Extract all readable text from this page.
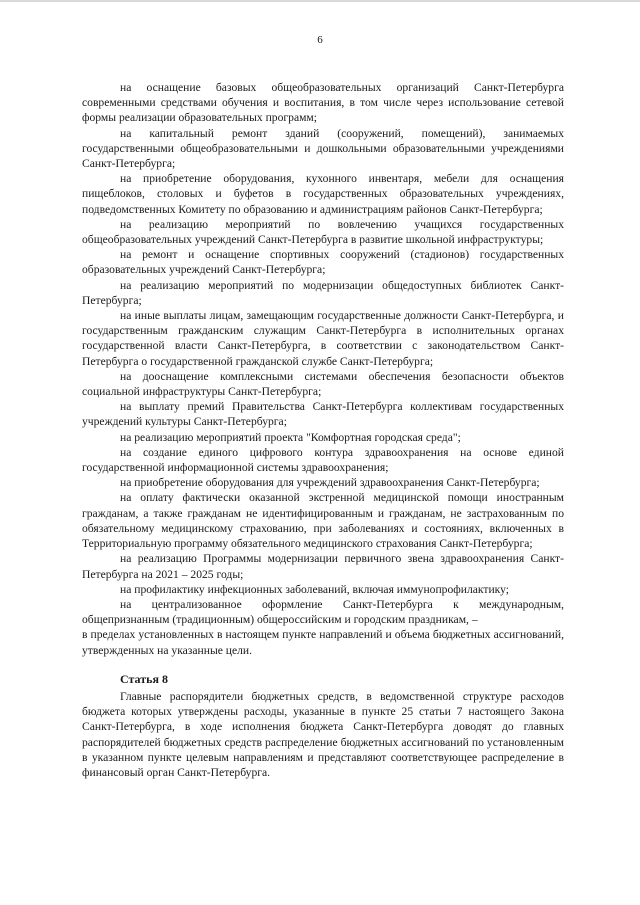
6

на оснащение базовых общеобразовательных организаций Санкт-Петербурга современными средствами обучения и воспитания, в том числе через использование сетевой формы реализации образовательных программ;

на капитальный ремонт зданий (сооружений, помещений), занимаемых государственными общеобразовательными и дошкольными образовательными учреждениями Санкт-Петербурга;

на приобретение оборудования, кухонного инвентаря, мебели для оснащения пищеблоков, столовых и буфетов в государственных образовательных учреждениях, подведомственных Комитету по образованию и администрациям районов Санкт-Петербурга;

на реализацию мероприятий по вовлечению учащихся государственных общеобразовательных учреждений Санкт-Петербурга в развитие школьной инфраструктуры;

на ремонт и оснащение спортивных сооружений (стадионов) государственных образовательных учреждений Санкт-Петербурга;

на реализацию мероприятий по модернизации общедоступных библиотек Санкт-Петербурга;

на иные выплаты лицам, замещающим государственные должности Санкт-Петербурга, и государственным гражданским служащим Санкт-Петербурга в исполнительных органах государственной власти Санкт-Петербурга, в соответствии с законодательством Санкт-Петербурга о государственной гражданской службе Санкт-Петербурга;

на дооснащение комплексными системами обеспечения безопасности объектов социальной инфраструктуры Санкт-Петербурга;

на выплату премий Правительства Санкт-Петербурга коллективам государственных учреждений культуры Санкт-Петербурга;

на реализацию мероприятий проекта "Комфортная городская среда";

на создание единого цифрового контура здравоохранения на основе единой государственной информационной системы здравоохранения;

на приобретение оборудования для учреждений здравоохранения Санкт-Петербурга;

на оплату фактически оказанной экстренной медицинской помощи иностранным гражданам, а также гражданам не идентифицированным и гражданам, не застрахованным по обязательному медицинскому страхованию, при заболеваниях и состояниях, включенных в Территориальную программу обязательного медицинского страхования Санкт-Петербурга;

на реализацию Программы модернизации первичного звена здравоохранения Санкт-Петербурга на 2021 – 2025 годы;

на профилактику инфекционных заболеваний, включая иммунопрофилактику;

на централизованное оформление Санкт-Петербурга к международным, общепризнанным (традиционным) общероссийским и городским праздникам, –

в пределах установленных в настоящем пункте направлений и объема бюджетных ассигнований, утвержденных на указанные цели.

Статья 8

Главные распорядители бюджетных средств, в ведомственной структуре расходов бюджета которых утверждены расходы, указанные в пункте 25 статьи 7 настоящего Закона Санкт-Петербурга, в ходе исполнения бюджета Санкт-Петербурга доводят до главных распорядителей бюджетных средств распределение бюджетных ассигнований по установленным в указанном пункте целевым направлениям и представляют соответствующее распределение в финансовый орган Санкт-Петербурга.
